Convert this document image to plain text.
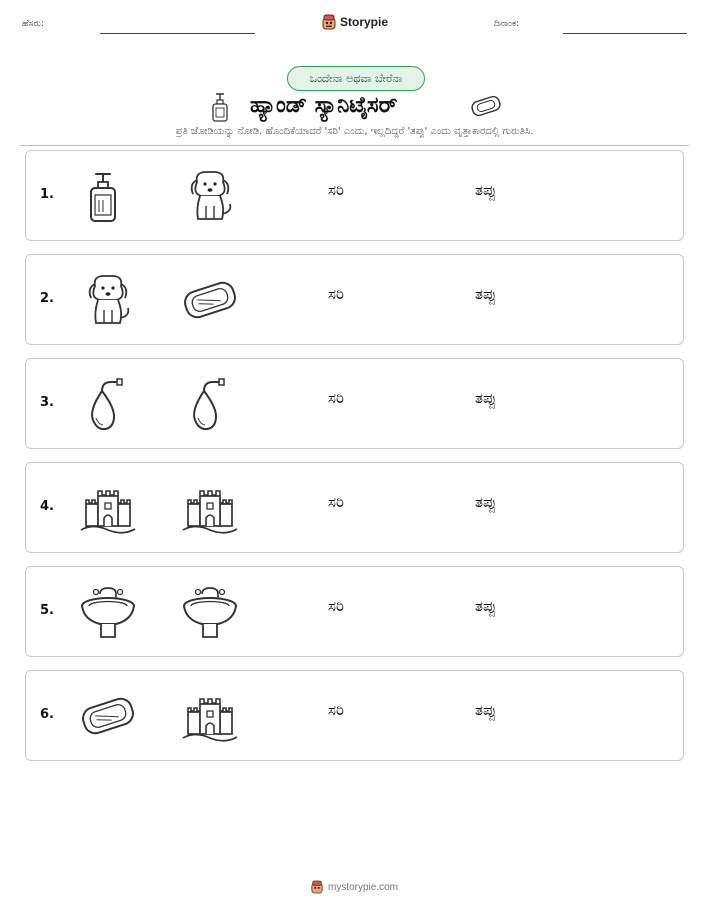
ಹೆಸರು:	Storypie	ದಿನಾಂಕ:
ಒಂದೇನಾ ಅಥವಾ ಬೇರೆನಾ
ಹ್ಯಾಂಡ್ ಸ್ಯಾನಿಟೈಸರ್
ಪ್ರತಿ ಜೋಡಿಯನ್ನು ನೋಡಿ. ಹೊಂದಿಕೆಯಾದರೆ 'ಸರಿ' ಎಂದು, ಇಲ್ಲದಿದ್ದರೆ 'ತಪ್ಪು' ಎಂದು ವೃತ್ತಾಕಾರದಲ್ಲಿ ಗುರುತಿಸಿ.
1.	ಸರಿ	ತಪ್ಪು
2.	ಸರಿ	ತಪ್ಪು
3.	ಸರಿ	ತಪ್ಪು
4.	ಸರಿ	ತಪ್ಪು
5.	ಸರಿ	ತಪ್ಪು
6.	ಸರಿ	ತಪ್ಪು
mystorypie.com
